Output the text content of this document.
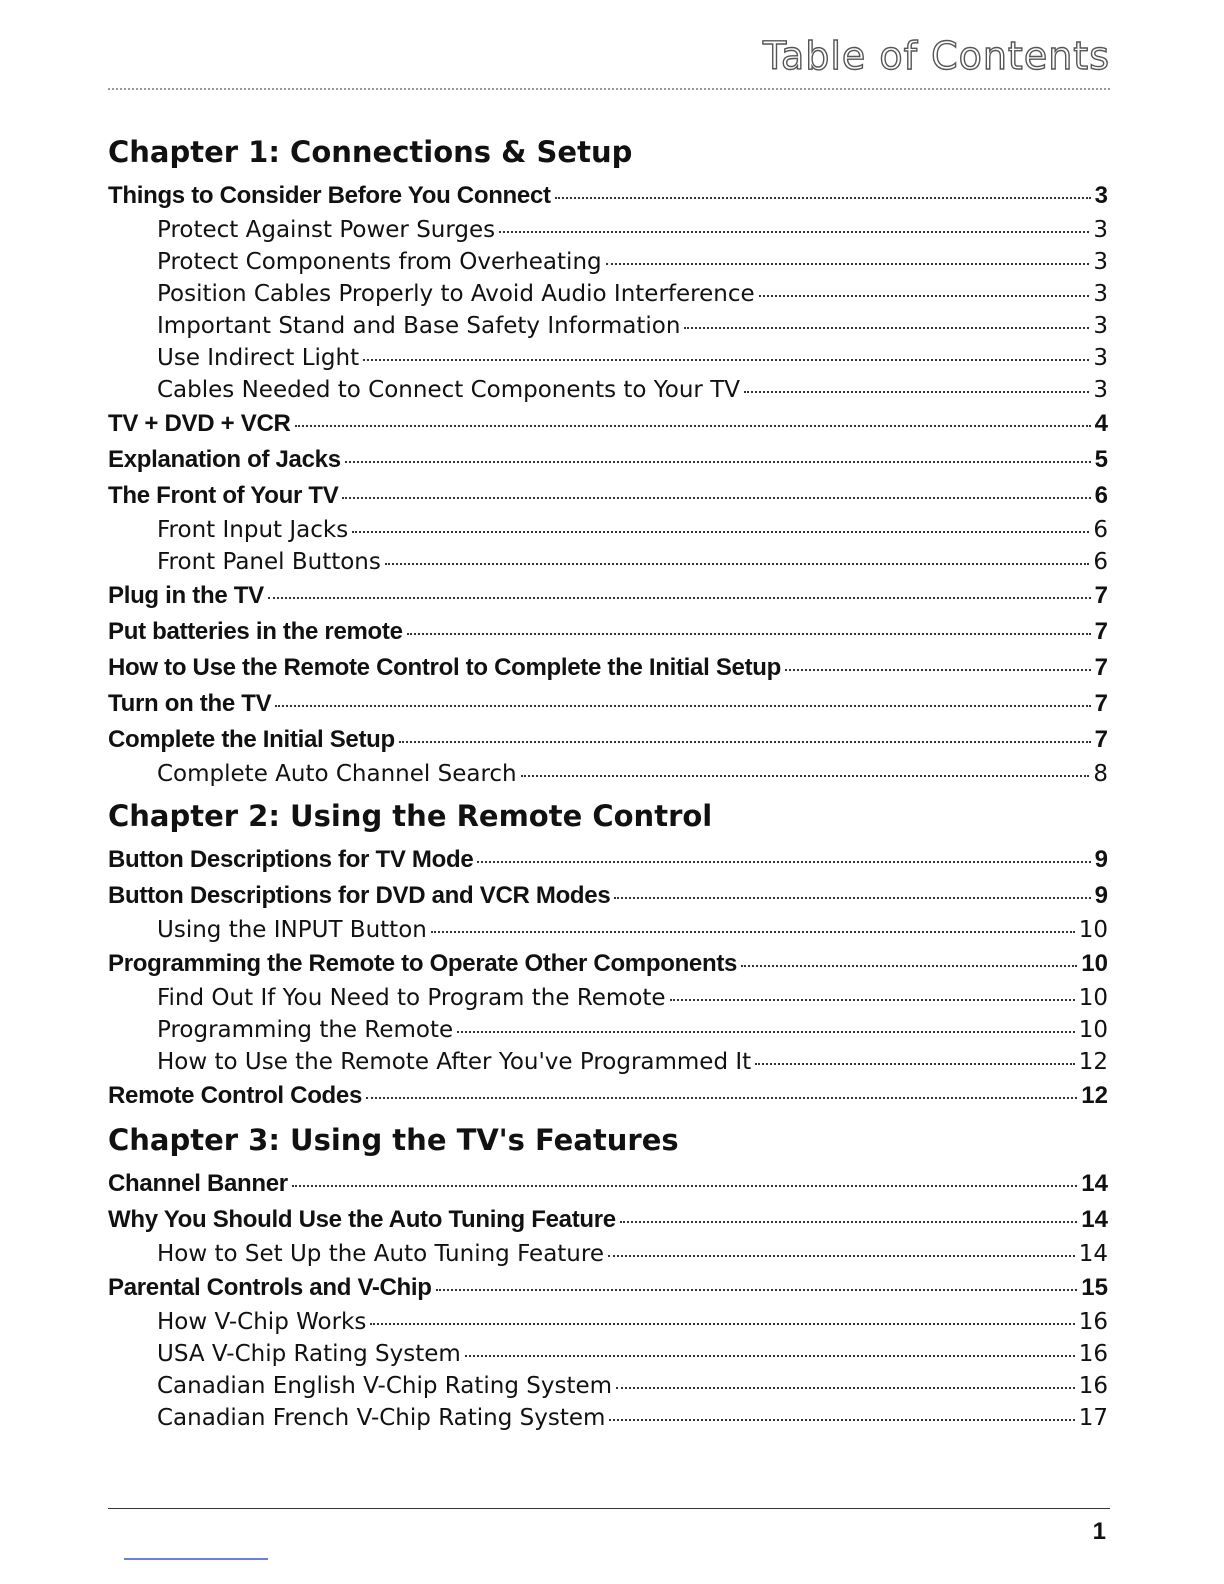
Table of Contents
Chapter 1: Connections & Setup
Things to Consider Before You Connect	3
Protect Against Power Surges	3
Protect Components from Overheating	3
Position Cables Properly to Avoid Audio Interference	3
Important Stand and Base Safety Information	3
Use Indirect Light	3
Cables Needed to Connect Components to Your TV	3
TV + DVD + VCR	4
Explanation of Jacks	5
The Front of Your TV	6
Front Input Jacks	6
Front Panel Buttons	6
Plug in the TV	7
Put batteries in the remote	7
How to Use the Remote Control to Complete the Initial Setup	7
Turn on the TV	7
Complete the Initial Setup	7
Complete Auto Channel Search	8
Chapter 2: Using the Remote Control
Button Descriptions for TV Mode	9
Button Descriptions for DVD and VCR Modes	9
Using the INPUT Button	10
Programming the Remote to Operate Other Components	10
Find Out If You Need to Program the Remote	10
Programming the Remote	10
How to Use the Remote After You've Programmed It	12
Remote Control Codes	12
Chapter 3: Using the TV's Features
Channel Banner	14
Why You Should Use the Auto Tuning Feature	14
How to Set Up the Auto Tuning Feature	14
Parental Controls and V-Chip	15
How V-Chip Works	16
USA V-Chip Rating System	16
Canadian English V-Chip Rating System	16
Canadian French V-Chip Rating System	17
1
